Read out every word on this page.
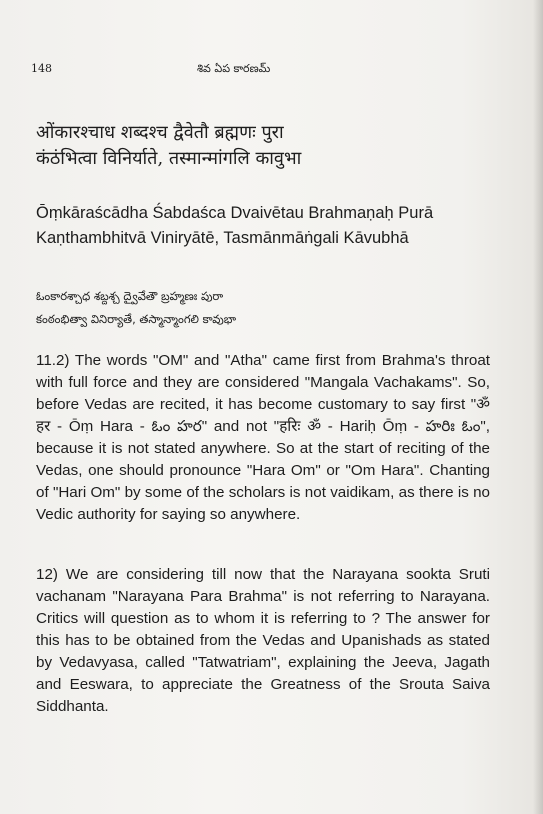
148	శివ ఏప కారణమ్
ओंकारश्चाध शब्दश्च द्वैवेतौ ब्रह्मणः पुरा
कंठंभित्वा विनिर्याते, तस्मान्मांगलि कावुभा
Ōṃkāraścādha Śabdaśca Dvaivētau Brahmaṇaḥ Purā
Kaṇthambhitvā Viniryātē, Tasmānmāṅgali Kāvubhā
ఓంకారశ్చాధ శబ్దశ్చ ద్వైవేతౌ బ్రహ్మణః పురా
కంఠంభిత్వా వినిర్యాతే, తస్మాన్మాంగలి కావుభా
11.2) The words "OM" and "Atha" came first from Brahma's throat with full force and they are considered "Mangala Vachakams". So, before Vedas are recited, it has become customary to say first "ॐ हर - Ōṃ Hara - ఓం హర" and not "हरिः ॐ - Hariḥ Ōṃ - హరిః ఓం", because it is not stated anywhere. So at the start of reciting of the Vedas, one should pronounce "Hara Om" or "Om Hara". Chanting of "Hari Om" by some of the scholars is not vaidikam, as there is no Vedic authority for saying so anywhere.
12) We are considering till now that the Narayana sookta Sruti vachanam "Narayana Para Brahma" is not referring to Narayana. Critics will question as to whom it is referring to ? The answer for this has to be obtained from the Vedas and Upanishads as stated by Vedavyasa, called "Tatwatriam", explaining the Jeeva, Jagath and Eeswara, to appreciate the Greatness of the Srouta Saiva Siddhanta.
